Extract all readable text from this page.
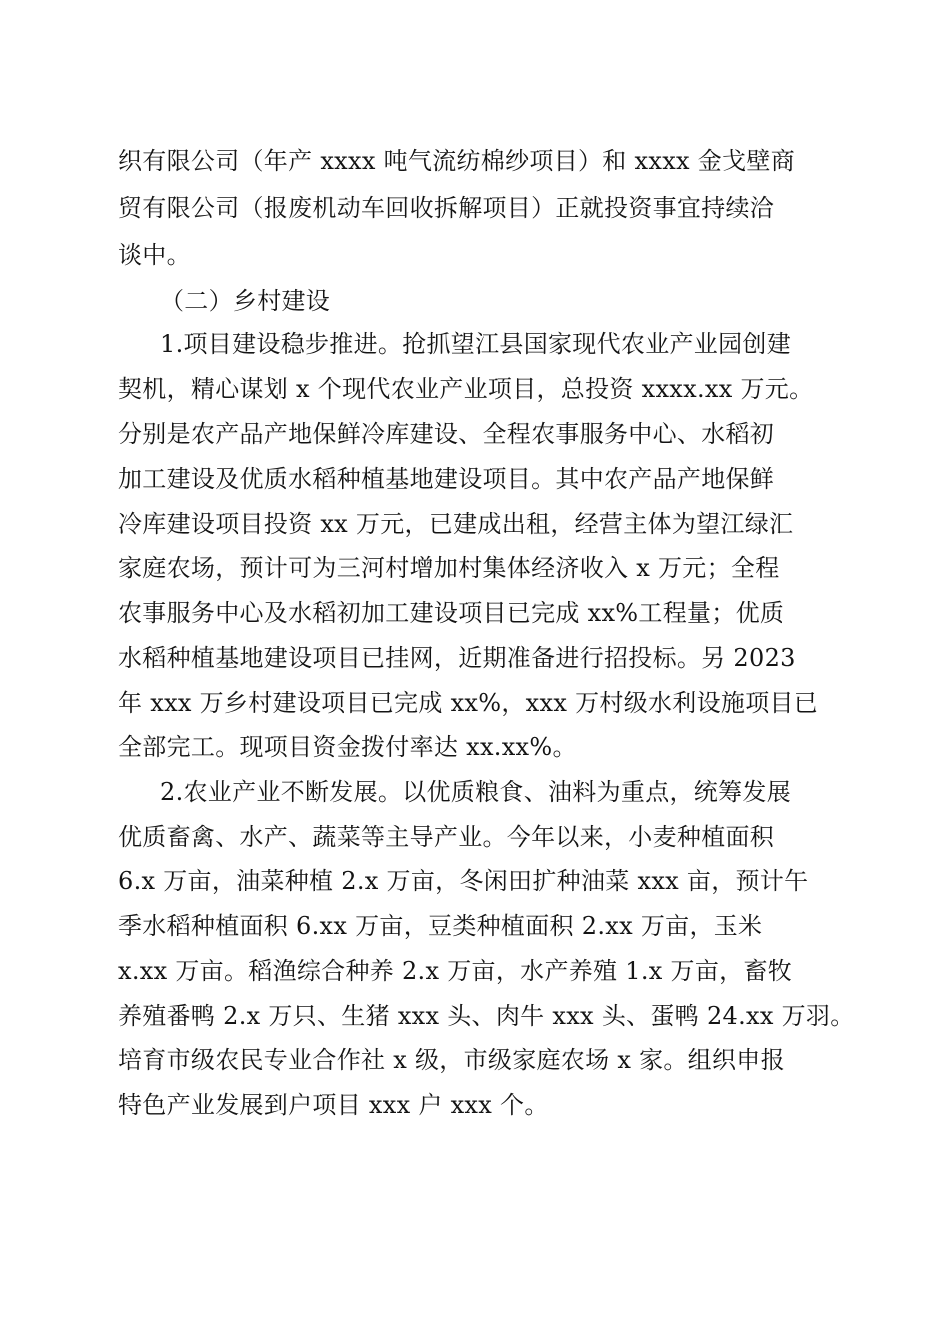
织有限公司（年产 xxxx 吨气流纺棉纱项目）和 xxxx 金戈壁商

贸有限公司（报废机动车回收拆解项目）正就投资事宜持续洽

谈中。

（二）乡村建设

1.项目建设稳步推进。抢抓望江县国家现代农业产业园创建

契机，精心谋划 x 个现代农业产业项目，总投资 xxxx.xx 万元。

分别是农产品产地保鲜冷库建设、全程农事服务中心、水稻初

加工建设及优质水稻种植基地建设项目。其中农产品产地保鲜

冷库建设项目投资 xx 万元，已建成出租，经营主体为望江绿汇

家庭农场，预计可为三河村增加村集体经济收入 x 万元；全程

农事服务中心及水稻初加工建设项目已完成 xx%工程量；优质

水稻种植基地建设项目已挂网，近期准备进行招投标。另 2023

年 xxx 万乡村建设项目已完成 xx%，xxx 万村级水利设施项目已

全部完工。现项目资金拨付率达 xx.xx%。

2.农业产业不断发展。以优质粮食、油料为重点，统筹发展

优质畜禽、水产、蔬菜等主导产业。今年以来，小麦种植面积

6.x 万亩，油菜种植 2.x 万亩，冬闲田扩种油菜 xxx 亩，预计午

季水稻种植面积 6.xx 万亩，豆类种植面积 2.xx 万亩，玉米

x.xx 万亩。稻渔综合种养 2.x 万亩，水产养殖 1.x 万亩，畜牧

养殖番鸭 2.x 万只、生猪 xxx 头、肉牛 xxx 头、蛋鸭 24.xx 万羽。

培育市级农民专业合作社 x 级，市级家庭农场 x 家。组织申报

特色产业发展到户项目 xxx 户 xxx 个。
